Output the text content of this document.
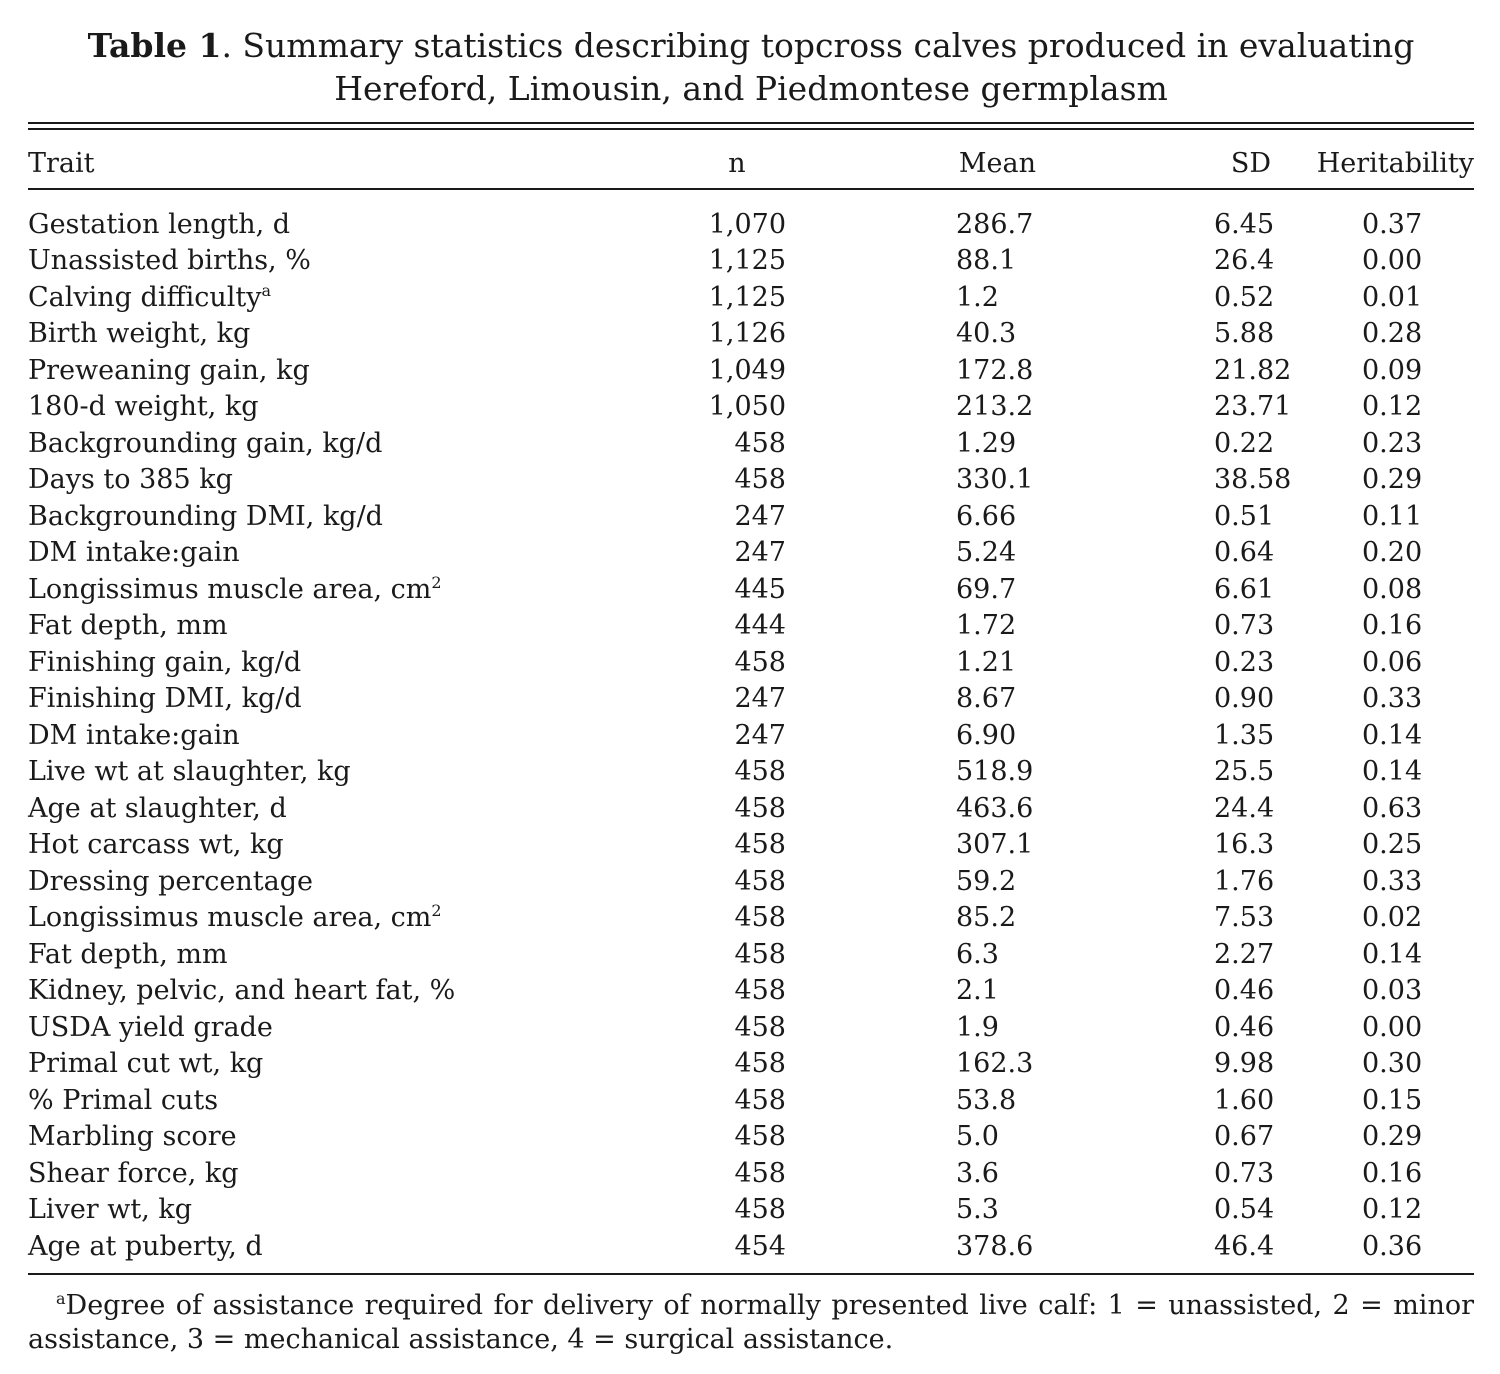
Table 1. Summary statistics describing topcross calves produced in evaluating Hereford, Limousin, and Piedmontese germplasm

Trait	n	Mean	SD	Heritability
Gestation length, d	1,070	286.7	6.45	0.37
Unassisted births, %	1,125	88.1	26.4	0.00
Calving difficulty$^a$	1,125	1.2	0.52	0.01
Birth weight, kg	1,126	40.3	5.88	0.28
Preweaning gain, kg	1,049	172.8	21.82	0.09
180-d weight, kg	1,050	213.2	23.71	0.12
Backgrounding gain, kg/d	458	1.29	0.22	0.23
Days to 385 kg	458	330.1	38.58	0.29
Backgrounding DMI, kg/d	247	6.66	0.51	0.11
DM intake:gain	247	5.24	0.64	0.20
Longissimus muscle area, $cm^2$	445	69.7	6.61	0.08
Fat depth, mm	444	1.72	0.73	0.16
Finishing gain, kg/d	458	1.21	0.23	0.06
Finishing DMI, kg/d	247	8.67	0.90	0.33
DM intake:gain	247	6.90	1.35	0.14
Live wt at slaughter, kg	458	518.9	25.5	0.14
Age at slaughter, d	458	463.6	24.4	0.63
Hot carcass wt, kg	458	307.1	16.3	0.25
Dressing percentage	458	59.2	1.76	0.33
Longissimus muscle area, $cm^2$	458	85.2	7.53	0.02
Fat depth, mm	458	6.3	2.27	0.14
Kidney, pelvic, and heart fat, %	458	2.1	0.46	0.03
USDA yield grade	458	1.9	0.46	0.00
Primal cut wt, kg	458	162.3	9.98	0.30
% Primal cuts	458	53.8	1.60	0.15
Marbling score	458	5.0	0.67	0.29
Shear force, kg	458	3.6	0.73	0.16
Liver wt, kg	458	5.3	0.54	0.12
Age at puberty, d	454	378.6	46.4	0.36
$^a$Degree of assistance required for delivery of normally presented live calf: 1 = unassisted, 2 = minor assistance, 3 = mechanical assistance, 4 = surgical assistance.
